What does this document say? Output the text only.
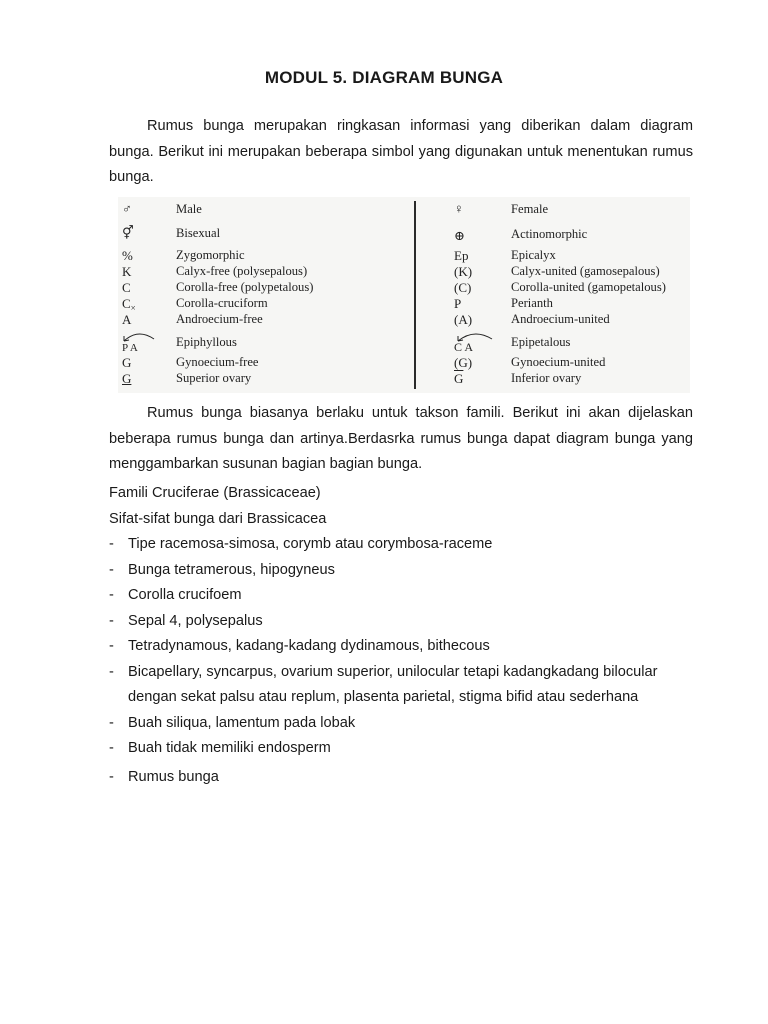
MODUL 5. DIAGRAM BUNGA

Rumus bunga merupakan ringkasan informasi yang diberikan dalam diagram bunga. Berikut ini merupakan beberapa simbol yang digunakan untuk menentukan rumus bunga.

♂
⚥
%
K
C
$C_\times$
A
P A
G
G
Male
Bisexual
Zygomorphic
Calyx-free (polysepalous)
Corolla-free (polypetalous)
Corolla-cruciform
Androecium-free
Epiphyllous
Gynoecium-free
Superior ovary
♀
⊕
Ep
(K)
(C)
P
(A)
C A
(G)
$\overline{G}$
Female
Actinomorphic
Epicalyx
Calyx-united (gamosepalous)
Corolla-united (gamopetalous)
Perianth
Androecium-united
Epipetalous
Gynoecium-united
Inferior ovary

Rumus bunga biasanya berlaku untuk takson famili. Berikut ini akan dijelaskan beberapa rumus bunga dan artinya.Berdasrka rumus bunga dapat diagram bunga yang menggambarkan susunan bagian bagian bunga.

Famili Cruciferae (Brassicaceae)
Sifat-sifat bunga dari Brassicacea
- Tipe racemosa-simosa, corymb atau corymbosa-raceme
- Bunga tetramerous, hipogyneus
- Corolla crucifoem
- Sepal 4, polysepalus
- Tetradynamous, kadang-kadang dydinamous, bithecous
- Bicapellary, syncarpus, ovarium superior, unilocular tetapi kadangkadang bilocular
dengan sekat palsu atau replum, plasenta parietal, stigma bifid atau sederhana
- Buah siliqua, lamentum pada lobak
- Buah tidak memiliki endosperm
- Rumus bunga
